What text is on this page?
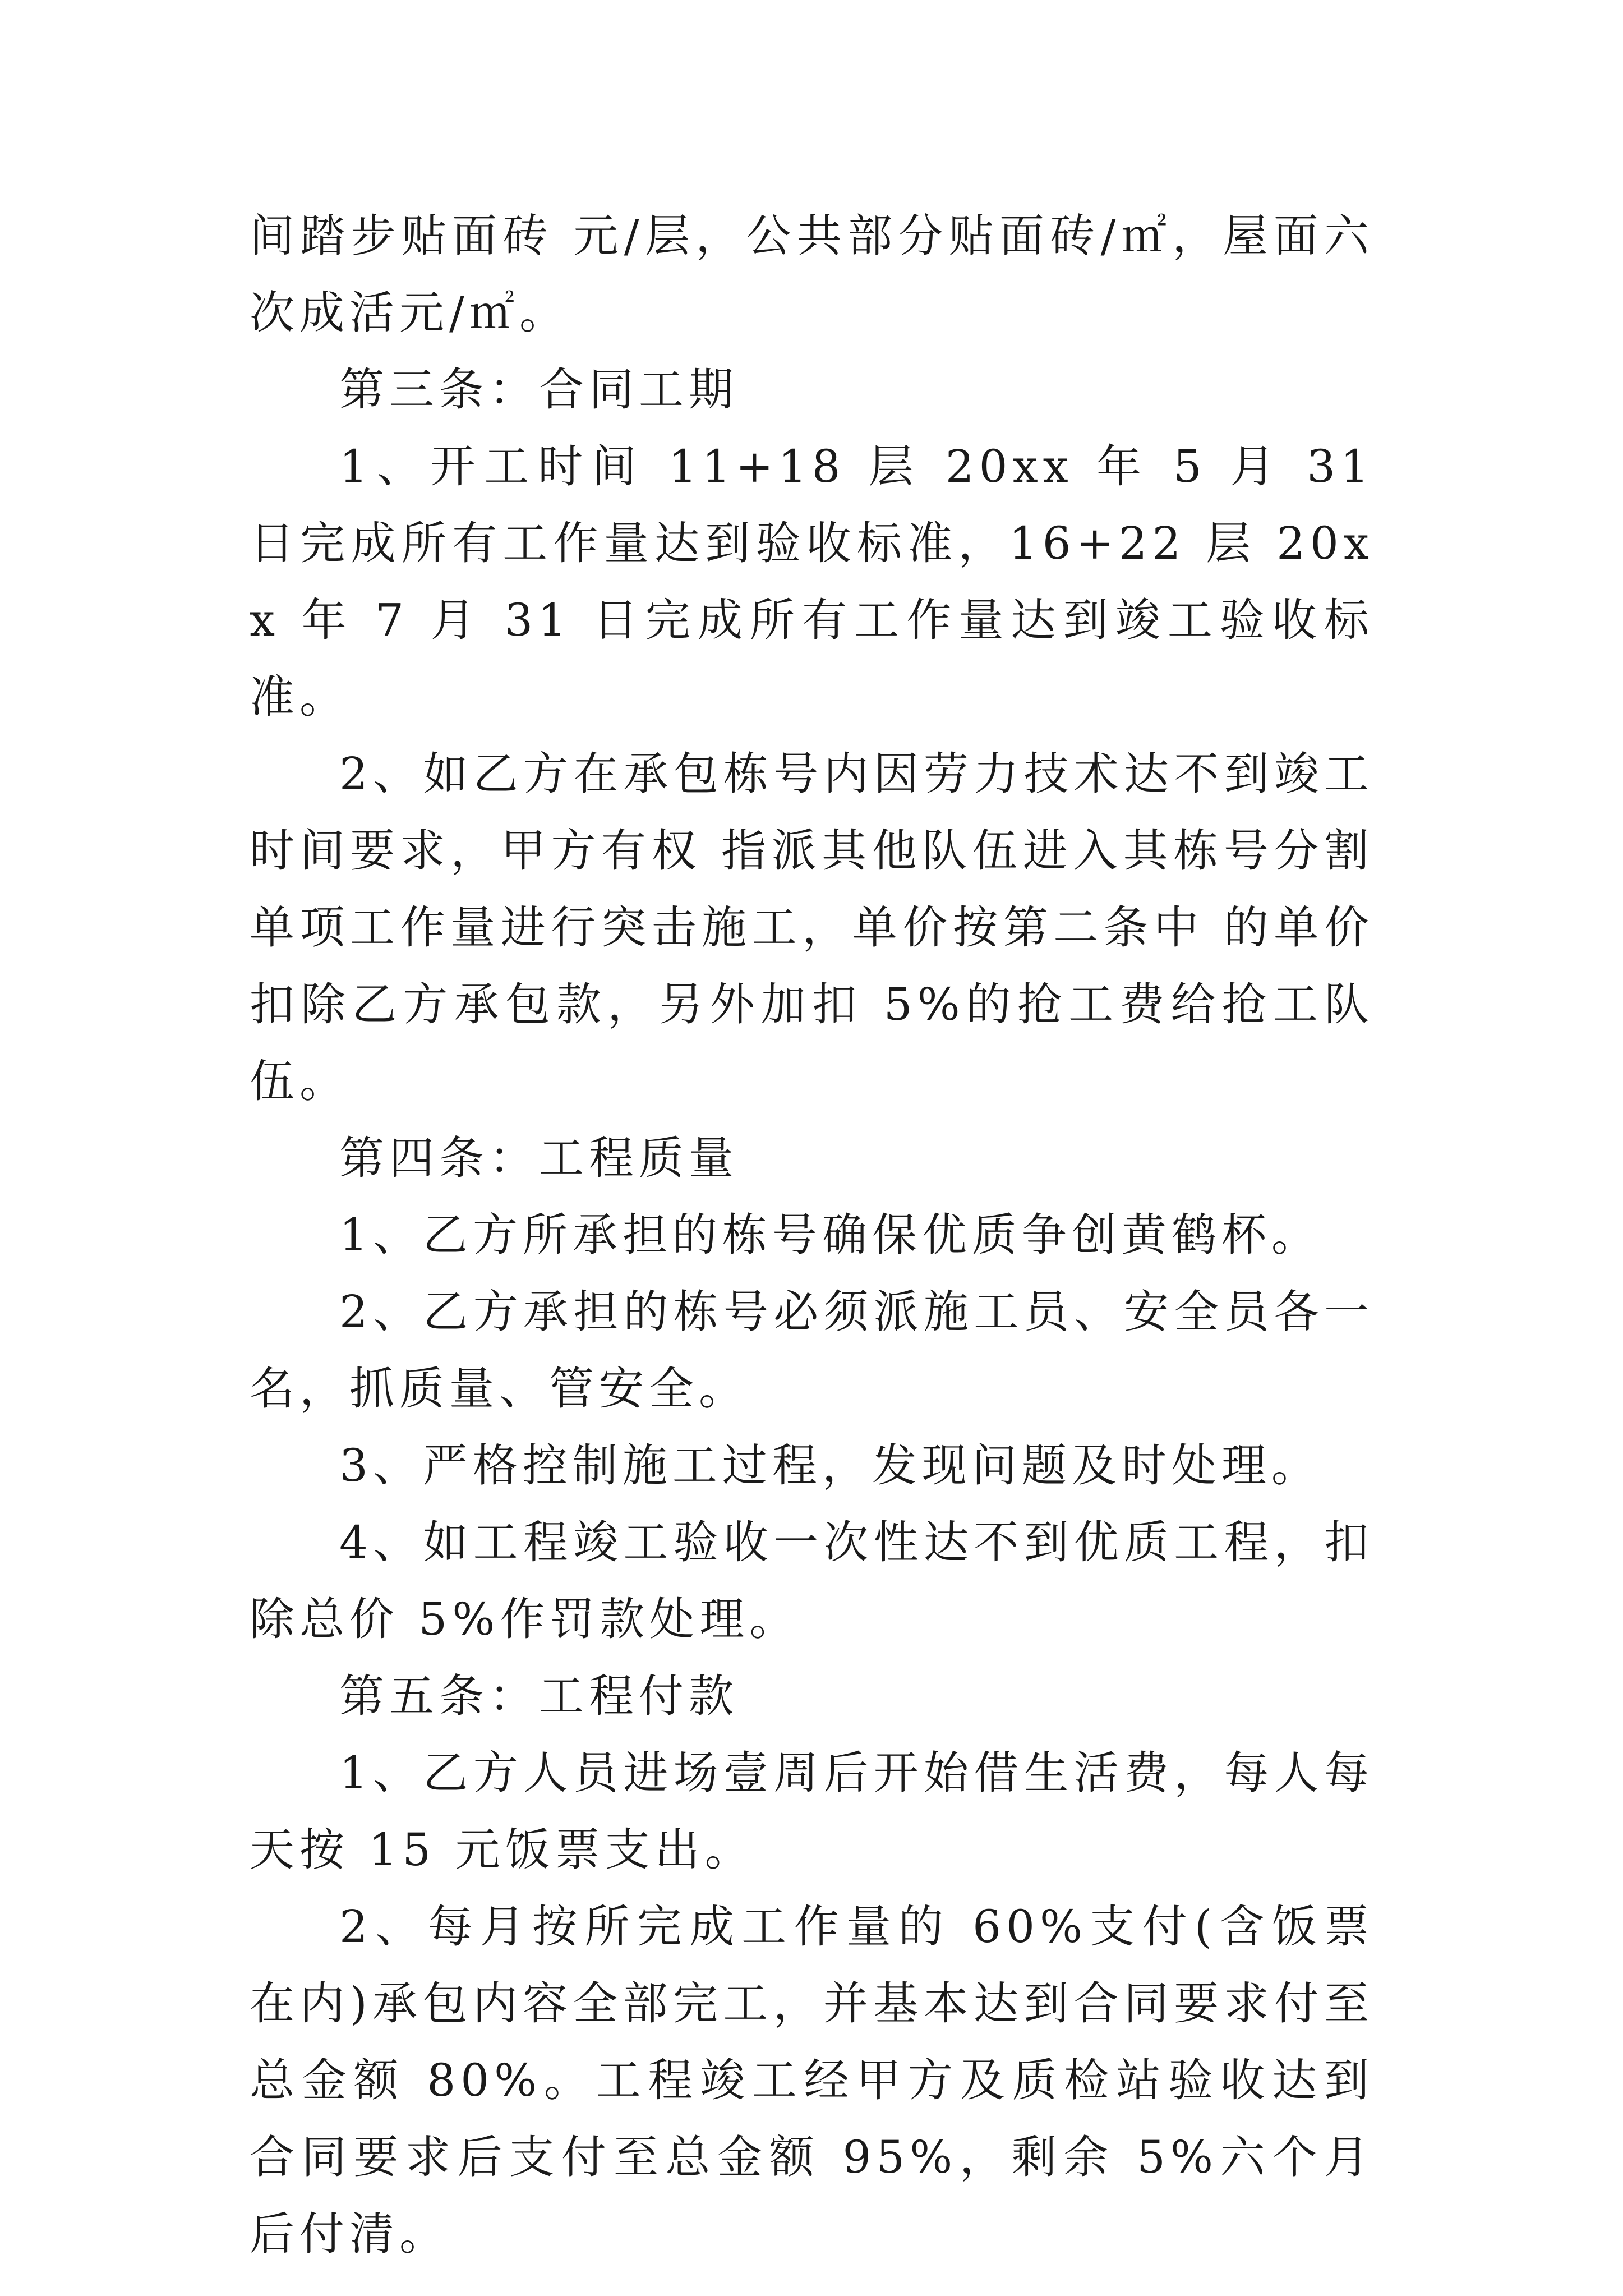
间踏步贴面砖 元/层，公共部分贴面砖/㎡，屋面六次成活元/㎡。

第三条：合同工期

1、开工时间 11+18 层 20xx 年 5 月 31 日完成所有工作量达到验收标准，16+22 层 20xx 年 7 月 31 日完成所有工作量达到竣工验收标准。

2、如乙方在承包栋号内因劳力技术达不到竣工时间要求，甲方有权 指派其他队伍进入其栋号分割单项工作量进行突击施工，单价按第二条中 的单价扣除乙方承包款，另外加扣 5%的抢工费给抢工队伍。

第四条：工程质量

1、乙方所承担的栋号确保优质争创黄鹤杯。

2、乙方承担的栋号必须派施工员、安全员各一名，抓质量、管安全。

3、严格控制施工过程，发现问题及时处理。

4、如工程竣工验收一次性达不到优质工程，扣除总价 5%作罚款处理。

第五条：工程付款

1、乙方人员进场壹周后开始借生活费，每人每天按 15 元饭票支出。

2、每月按所完成工作量的 60%支付(含饭票在内)承包内容全部完工，并基本达到合同要求付至总金额 80%。工程竣工经甲方及质检站验收达到合同要求后支付至总金额 95%，剩余 5%六个月后付清。
